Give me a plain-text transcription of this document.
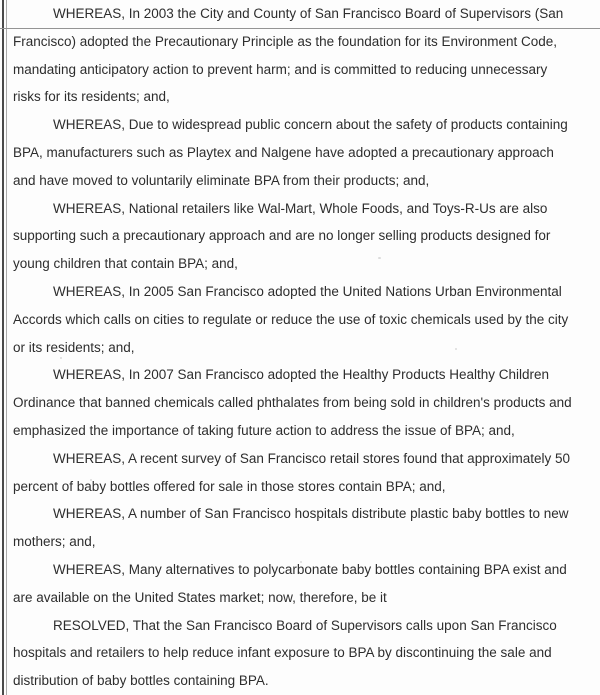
WHEREAS, In 2003 the City and County of San Francisco Board of Supervisors (San
Francisco) adopted the Precautionary Principle as the foundation for its Environment Code,
mandating anticipatory action to prevent harm; and is committed to reducing unnecessary
risks for its residents; and,
WHEREAS, Due to widespread public concern about the safety of products containing
BPA, manufacturers such as Playtex and Nalgene have adopted a precautionary approach
and have moved to voluntarily eliminate BPA from their products; and,
WHEREAS, National retailers like Wal-Mart, Whole Foods, and Toys-R-Us are also
supporting such a precautionary approach and are no longer selling products designed for
young children that contain BPA; and,
WHEREAS, In 2005 San Francisco adopted the United Nations Urban Environmental
Accords which calls on cities to regulate or reduce the use of toxic chemicals used by the city
or its residents; and,
WHEREAS, In 2007 San Francisco adopted the Healthy Products Healthy Children
Ordinance that banned chemicals called phthalates from being sold in children's products and
emphasized the importance of taking future action to address the issue of BPA; and,
WHEREAS, A recent survey of San Francisco retail stores found that approximately 50
percent of baby bottles offered for sale in those stores contain BPA; and,
WHEREAS, A number of San Francisco hospitals distribute plastic baby bottles to new
mothers; and,
WHEREAS, Many alternatives to polycarbonate baby bottles containing BPA exist and
are available on the United States market; now, therefore, be it
RESOLVED, That the San Francisco Board of Supervisors calls upon San Francisco
hospitals and retailers to help reduce infant exposure to BPA by discontinuing the sale and
distribution of baby bottles containing BPA.
